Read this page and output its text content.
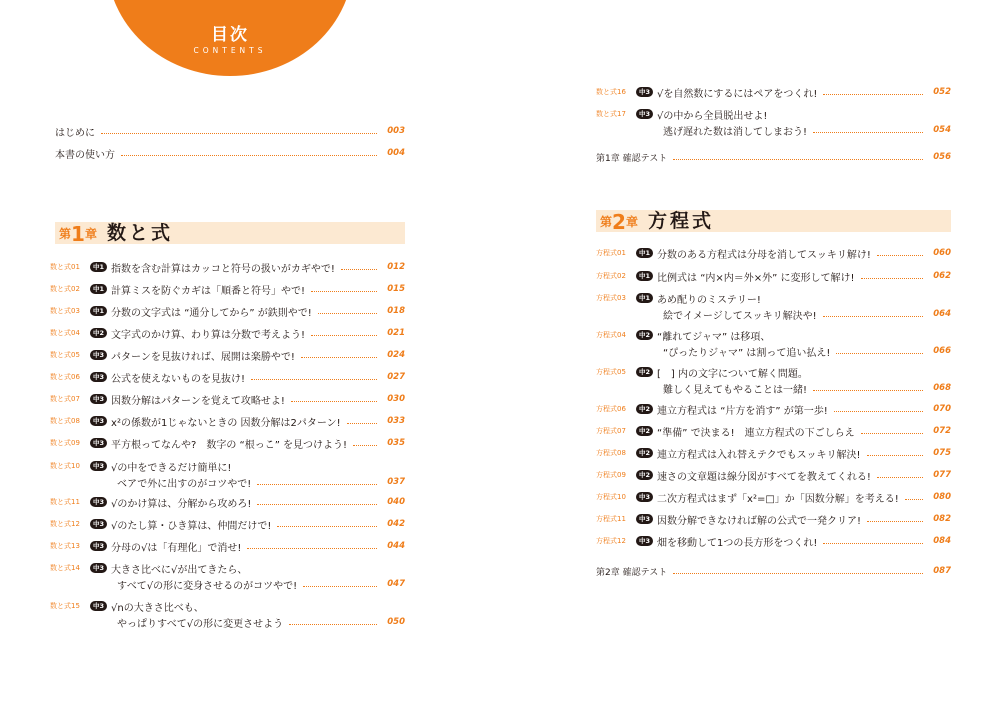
目次
CONTENTS
はじめに	003
本書の使い方	004
第 1 章 数と式
数と式01	中1 指数を含む計算はカッコと符号の扱いがカギやで!	012
数と式02	中1 計算ミスを防ぐカギは「順番と符号」やで!	015
数と式03	中1 分数の文字式は “通分してから” が鉄則やで!	018
数と式04	中2 文字式のかけ算、わり算は分数で考えよう!	021
数と式05	中3 パターンを見抜ければ、展開は楽勝やで!	024
数と式06	中3 公式を使えないものを見抜け!	027
数と式07	中3 因数分解はパターンを覚えて攻略せよ!	030
数と式08	中3 x²の係数が1じゃないときの 因数分解は2パターン!	033
数と式09	中3 平方根ってなんや?　数字の “根っこ” を見つけよう!	035
数と式10	中3 √の中をできるだけ簡単に!
ベアで外に出すのがコツやで!	037
数と式11	中3 √のかけ算は、分解から攻めろ!	040
数と式12	中3 √のたし算・ひき算は、仲間だけで!	042
数と式13	中3 分母の√は「有理化」で消せ!	044
数と式14	中3 大きさ比べに√が出てきたら、
すべて√の形に変身させるのがコツやで!	047
数と式15	中3 √nの大きさ比べも、
やっぱりすべて√の形に変更させよう	050
数と式16	中3 √を自然数にするにはペアをつくれ!	052
数と式17	中3 √の中から全員脱出せよ!
逃げ遅れた数は消してしまおう!	054
第1章 確認テスト	056
第 2 章 方程式
方程式01	中1 分数のある方程式は分母を消してスッキリ解け!	060
方程式02	中1 比例式は “内×内＝外×外” に変形して解け!	062
方程式03	中1 あめ配りのミステリー!
絵でイメージしてスッキリ解決や!	064
方程式04	中2 “離れてジャマ” は移項、
“ぴったりジャマ” は割って追い払え!	066
方程式05	中2 [　] 内の文字について解く問題。
難しく見えてもやることは一緒!	068
方程式06	中2 連立方程式は “片方を消す” が第一歩!	070
方程式07	中2 “準備” で決まる!　連立方程式の下ごしらえ	072
方程式08	中2 連立方程式は入れ替えテクでもスッキリ解決!	075
方程式09	中2 速さの文章題は線分図がすべてを教えてくれる!	077
方程式10	中3 二次方程式はまず「x²=□」か「因数分解」を考える!	080
方程式11	中3 因数分解できなければ解の公式で一発クリア!	082
方程式12	中3 畑を移動して1つの長方形をつくれ!	084
第2章 確認テスト	087
